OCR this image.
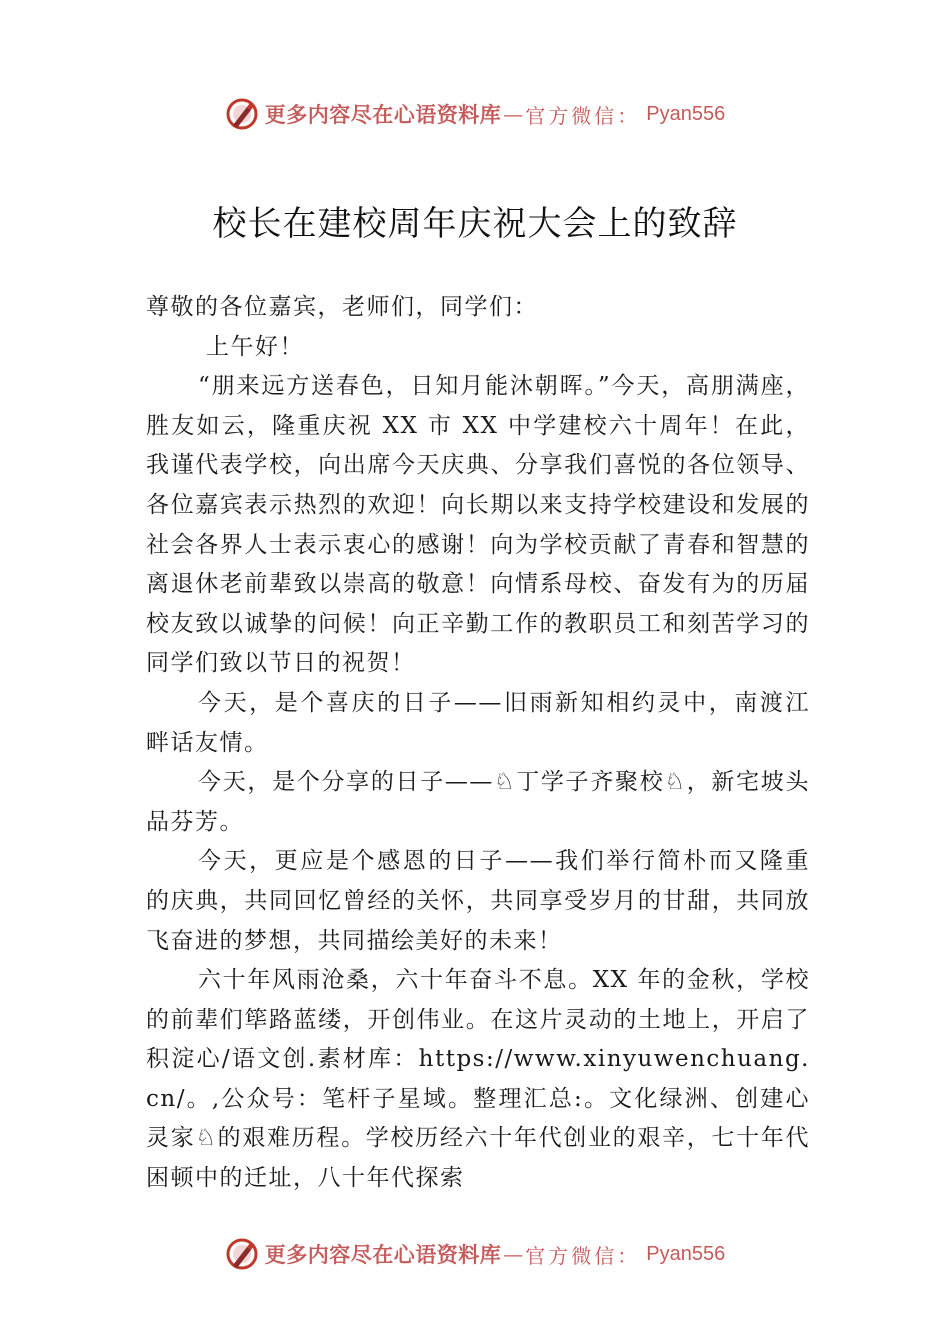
更多内容尽在心语资料库 — 官方微信： Pyan556
校长在建校周年庆祝大会上的致辞

尊敬的各位嘉宾，老师们，同学们：

上午好！

“朋来远方送春色，日知月能沐朝晖。”今天，高朋满座，胜友如云，隆重庆祝 XX 市 XX 中学建校六十周年！在此，我谨代表学校，向出席今天庆典、分享我们喜悦的各位领导、各位嘉宾表示热烈的欢迎！向长期以来支持学校建设和发展的社会各界人士表示衷心的感谢！向为学校贡献了青春和智慧的离退休老前辈致以崇高的敬意！向情系母校、奋发有为的历届校友致以诚挚的问候！向正辛勤工作的教职员工和刻苦学习的同学们致以节日的祝贺！

今天，是个喜庆的日子——旧雨新知相约灵中，南渡江畔话友情。

今天，是个分享的日子——♘丁学子齐聚校♘，新宅坡头品芬芳。

今天，更应是个感恩的日子——我们举行简朴而又隆重的庆典，共同回忆曾经的关怀，共同享受岁月的甘甜，共同放飞奋进的梦想，共同描绘美好的未来！

六十年风雨沧桑，六十年奋斗不息。XX 年的金秋，学校的前辈们筚路蓝缕，开创伟业。在这片灵动的土地上，开启了积淀心/语文创.素材库：https://www.xinyuwenchuang.cn/。,公众号：笔杆子星域。整理汇总:。文化绿洲、创建心灵家♘的艰难历程。学校历经六十年代创业的艰辛，七十年代困顿中的迁址，八十年代探索

更多内容尽在心语资料库 — 官方微信： Pyan556
